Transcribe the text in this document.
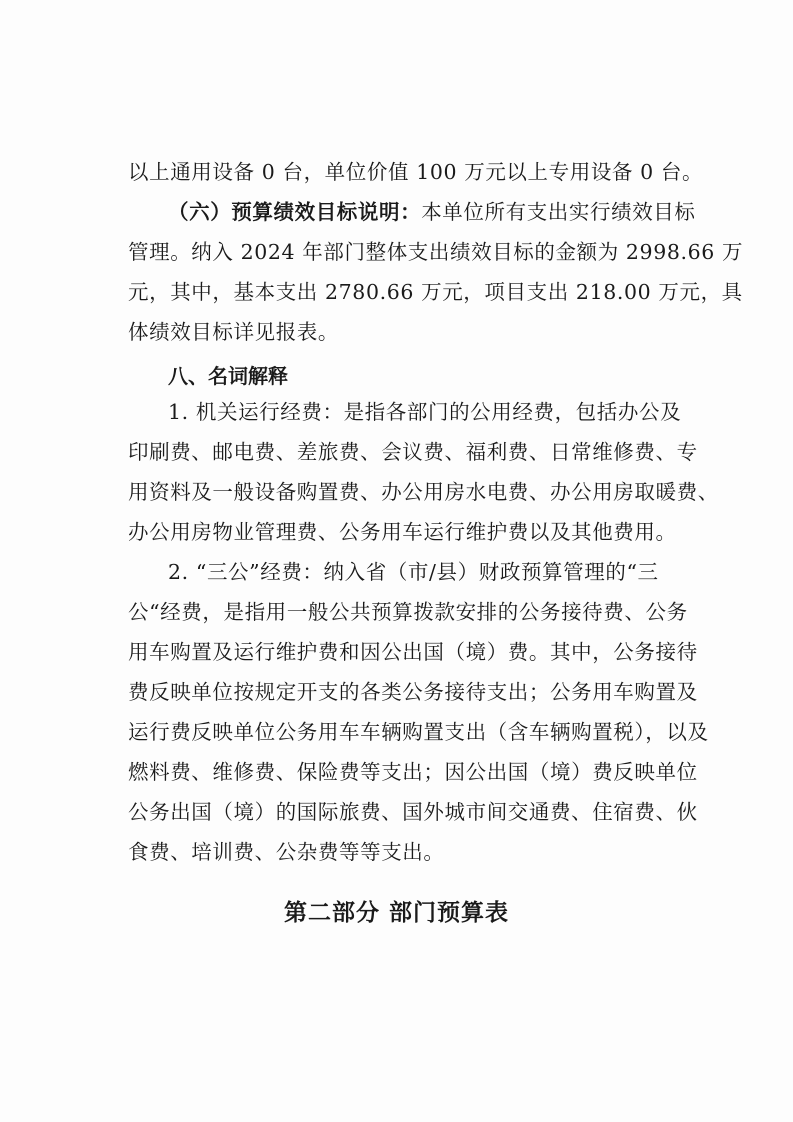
以上通用设备 0 台，单位价值 100 万元以上专用设备 0 台。
（六）预算绩效目标说明：本单位所有支出实行绩效目标
管理。纳入 2024 年部门整体支出绩效目标的金额为 2998.66 万
元，其中，基本支出 2780.66 万元，项目支出 218.00 万元，具
体绩效目标详见报表。
八、名词解释
1. 机关运行经费：是指各部门的公用经费，包括办公及
印刷费、邮电费、差旅费、会议费、福利费、日常维修费、专
用资料及一般设备购置费、办公用房水电费、办公用房取暖费、
办公用房物业管理费、公务用车运行维护费以及其他费用。
2. “三公”经费：纳入省（市/县）财政预算管理的“三
公“经费，是指用一般公共预算拨款安排的公务接待费、公务
用车购置及运行维护费和因公出国（境）费。其中，公务接待
费反映单位按规定开支的各类公务接待支出；公务用车购置及
运行费反映单位公务用车车辆购置支出（含车辆购置税），以及
燃料费、维修费、保险费等支出；因公出国（境）费反映单位
公务出国（境）的国际旅费、国外城市间交通费、住宿费、伙
食费、培训费、公杂费等等支出。
第二部分 部门预算表
